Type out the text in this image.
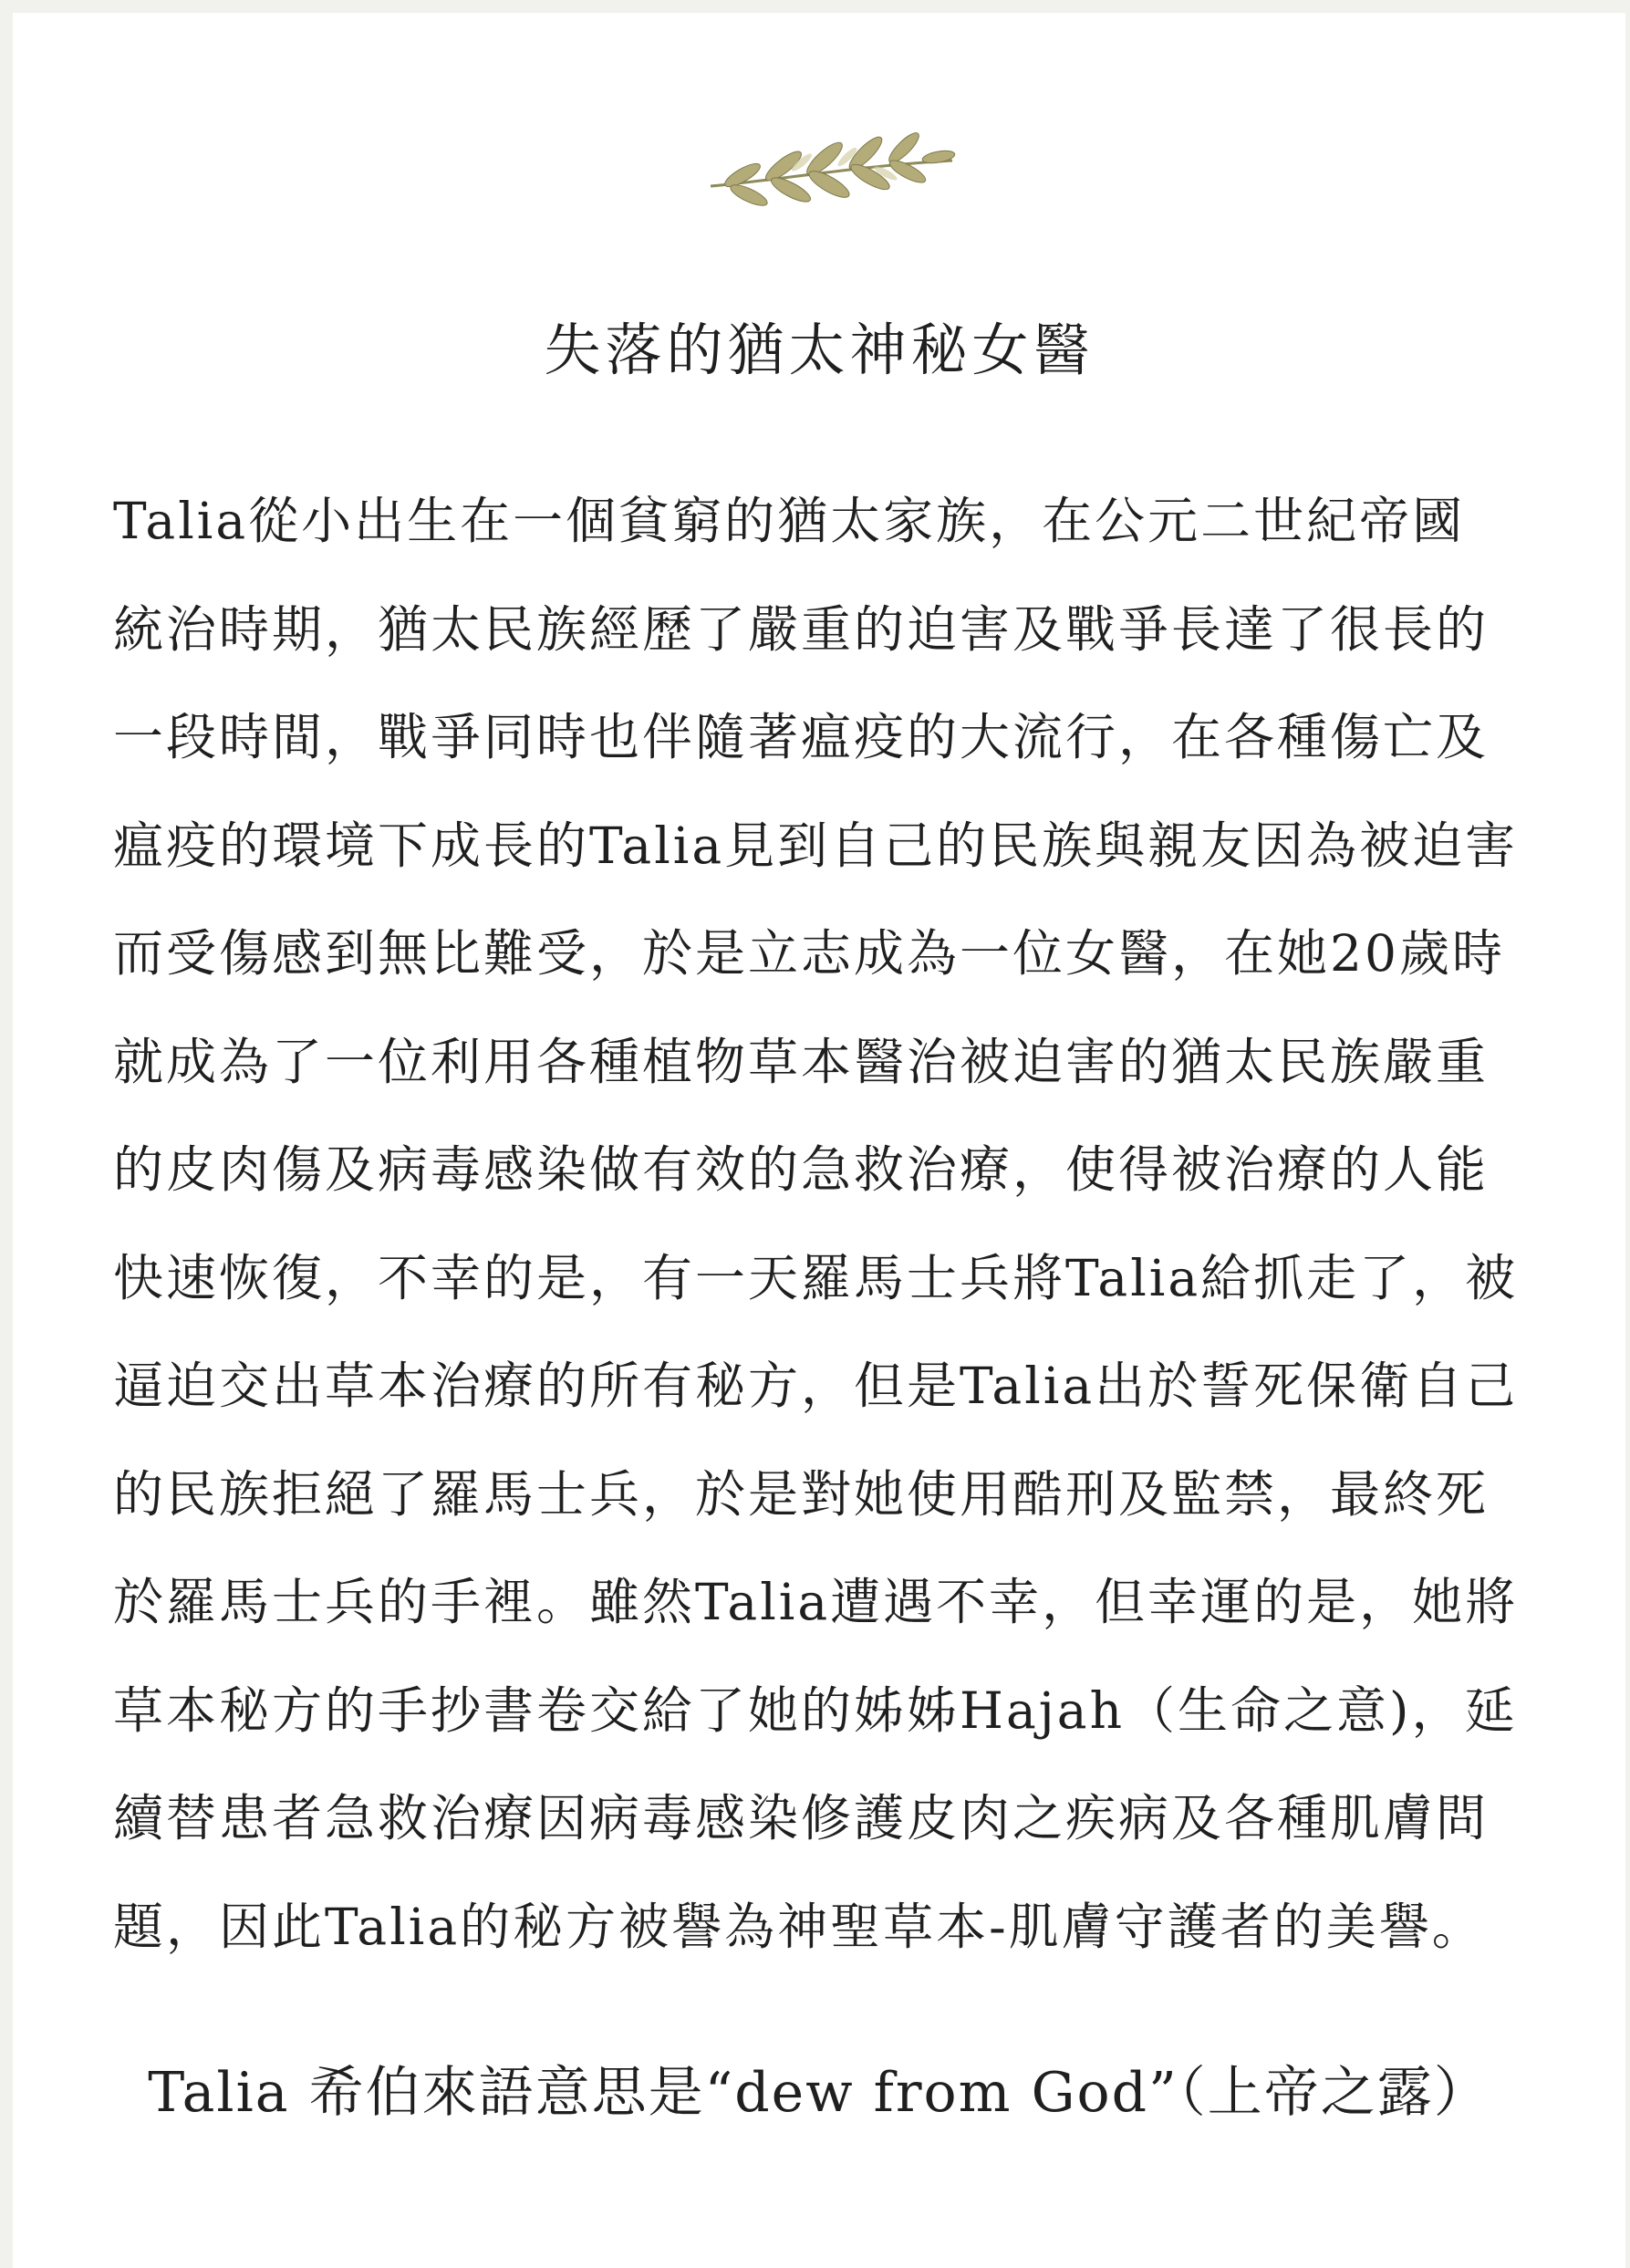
失落的猶太神秘女醫
Talia從小出生在一個貧窮的猶太家族，在公元二世紀帝國
統治時期，猶太民族經歷了嚴重的迫害及戰爭長達了很長的
一段時間，戰爭同時也伴隨著瘟疫的大流行，在各種傷亡及
瘟疫的環境下成長的Talia見到自己的民族與親友因為被迫害
而受傷感到無比難受，於是立志成為一位女醫，在她20歲時
就成為了一位利用各種植物草本醫治被迫害的猶太民族嚴重
的皮肉傷及病毒感染做有效的急救治療，使得被治療的人能
快速恢復，不幸的是，有一天羅馬士兵將Talia給抓走了，被
逼迫交出草本治療的所有秘方，但是Talia出於誓死保衛自己
的民族拒絕了羅馬士兵，於是對她使用酷刑及監禁，最終死
於羅馬士兵的手裡。雖然Talia遭遇不幸，但幸運的是，她將
草本秘方的手抄書卷交給了她的姊姊Hajah（生命之意)，延
續替患者急救治療因病毒感染修護皮肉之疾病及各種肌膚問
題，因此Talia的秘方被譽為神聖草本-肌膚守護者的美譽。
Talia 希伯來語意思是“dew from God”（上帝之露）
